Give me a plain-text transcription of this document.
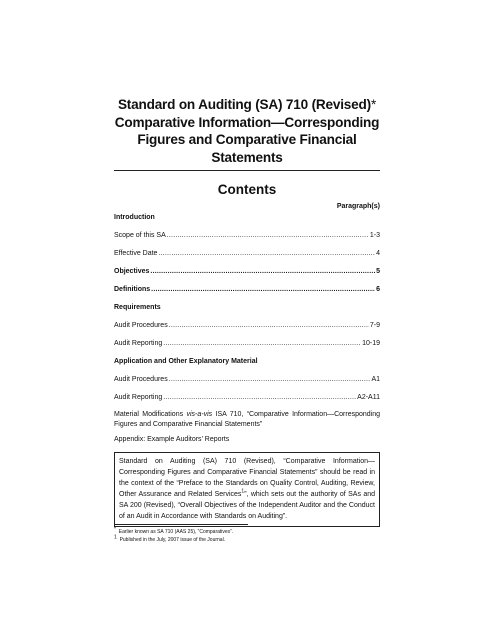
Standard on Auditing (SA) 710 (Revised)*

Comparative Information—Corresponding

Figures and Comparative Financial Statements

Contents
Paragraph(s)
Introduction
Scope of this SA .....	1-3
Effective Date .....	4
Objectives .....	5
Definitions .....	6
Requirements
Audit Procedures .....	7-9
Audit Reporting .....	10-19
Application and Other Explanatory Material
Audit Procedures .....	A1
Audit Reporting .....	A2-A11
Material Modifications vis-a-vis ISA 710, “Comparative Information—Corresponding Figures and Comparative Financial Statements”
Appendix: Example Auditors’ Reports
Standard on Auditing (SA) 710 (Revised), “Comparative Information—Corresponding Figures and Comparative Financial Statements” should be read in the context of the “Preface to the Standards on Quality Control, Auditing, Review, Other Assurance and Related Services$^1$”, which sets out the authority of SAs and SA 200 (Revised), “Overall Objectives of the Independent Auditor and the Conduct of an Audit in Accordance with Standards on Auditing”.
* Earlier known as SA 710 (AAS 25), “Comparatives”.
$^1$ Published in the July, 2007 issue of the Journal.
